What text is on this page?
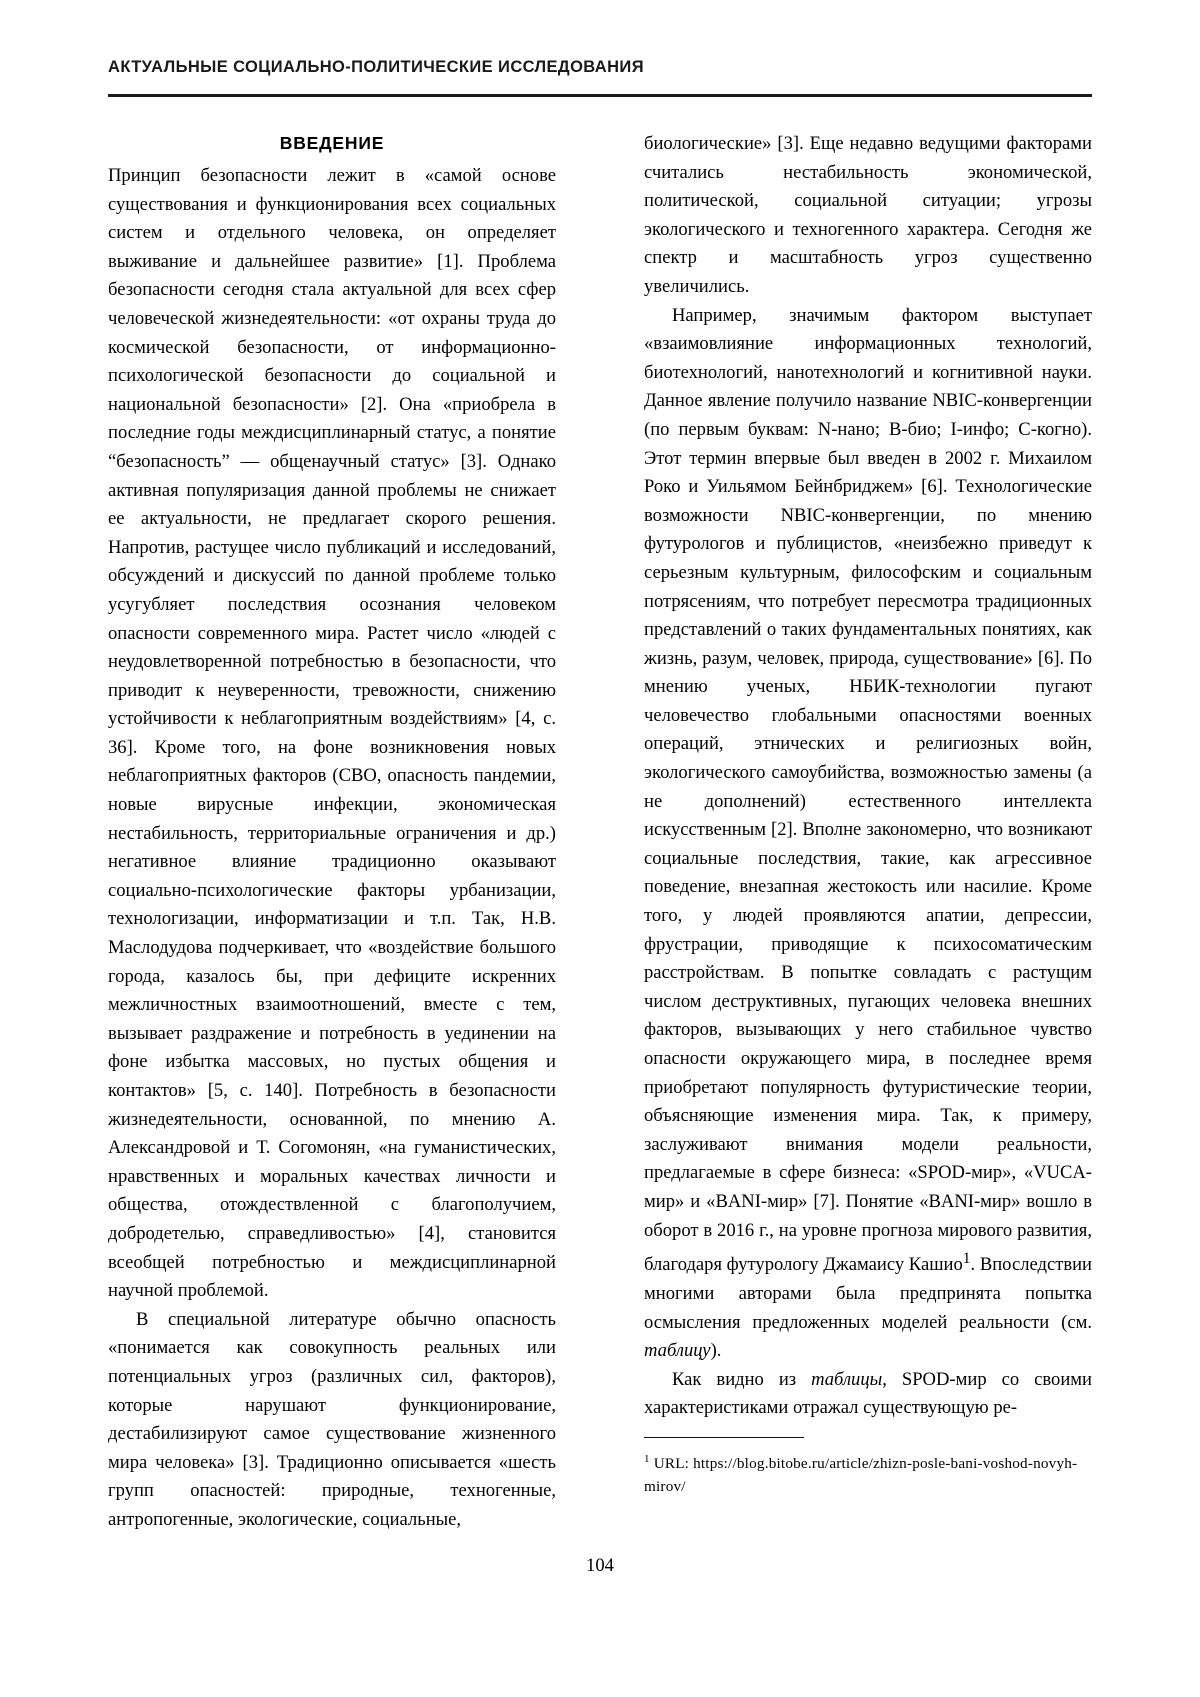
АКТУАЛЬНЫЕ СОЦИАЛЬНО-ПОЛИТИЧЕСКИЕ ИССЛЕДОВАНИЯ
ВВЕДЕНИЕ

Принцип безопасности лежит в «самой основе существования и функционирования всех социальных систем и отдельного человека, он определяет выживание и дальнейшее развитие» [1]. Проблема безопасности сегодня стала актуальной для всех сфер человеческой жизнедеятельности: «от охраны труда до космической безопасности, от информационно-психологической безопасности до социальной и национальной безопасности» [2]. Она «приобрела в последние годы междисциплинарный статус, а понятие “безопасность” — общенаучный статус» [3]. Однако активная популяризация данной проблемы не снижает ее актуальности, не предлагает скорого решения. Напротив, растущее число публикаций и исследований, обсуждений и дискуссий по данной проблеме только усугубляет последствия осознания человеком опасности современного мира. Растет число «людей с неудовлетворенной потребностью в безопасности, что приводит к неуверенности, тревожности, снижению устойчивости к неблагоприятным воздействиям» [4, с. 36]. Кроме того, на фоне возникновения новых неблагоприятных факторов (СВО, опасность пандемии, новые вирусные инфекции, экономическая нестабильность, территориальные ограничения и др.) негативное влияние традиционно оказывают социально-психологические факторы урбанизации, технологизации, информатизации и т.п. Так, Н.В. Маслодудова подчеркивает, что «воздействие большого города, казалось бы, при дефиците искренних межличностных взаимоотношений, вместе с тем, вызывает раздражение и потребность в уединении на фоне избытка массовых, но пустых общения и контактов» [5, с. 140]. Потребность в безопасности жизнедеятельности, основанной, по мнению А. Александровой и Т. Согомонян, «на гуманистических, нравственных и моральных качествах личности и общества, отождествленной с благополучием, добродетелью, справедливостью» [4], становится всеобщей потребностью и междисциплинарной научной проблемой.

В специальной литературе обычно опасность «понимается как совокупность реальных или потенциальных угроз (различных сил, факторов), которые нарушают функционирование, дестабилизируют самое существование жизненного мира человека» [3]. Традиционно описывается «шесть групп опасностей: природные, техногенные, антропогенные, экологические, социальные,

биологические» [3]. Еще недавно ведущими факторами считались нестабильность экономической, политической, социальной ситуации; угрозы экологического и техногенного характера. Сегодня же спектр и масштабность угроз существенно увеличились.

Например, значимым фактором выступает «взаимовлияние информационных технологий, биотехнологий, нанотехнологий и когнитивной науки. Данное явление получило название NBIC-конвергенции (по первым буквам: N-нано; B-био; I-инфо; C-когно). Этот термин впервые был введен в 2002 г. Михаилом Роко и Уильямом Бейнбриджем» [6]. Технологические возможности NBIC-конвергенции, по мнению футурологов и публицистов, «неизбежно приведут к серьезным культурным, философским и социальным потрясениям, что потребует пересмотра традиционных представлений о таких фундаментальных понятиях, как жизнь, разум, человек, природа, существование» [6]. По мнению ученых, НБИК-технологии пугают человечество глобальными опасностями военных операций, этнических и религиозных войн, экологического самоубийства, возможностью замены (а не дополнений) естественного интеллекта искусственным [2]. Вполне закономерно, что возникают социальные последствия, такие, как агрессивное поведение, внезапная жестокость или насилие. Кроме того, у людей проявляются апатии, депрессии, фрустрации, приводящие к психосоматическим расстройствам. В попытке совладать с растущим числом деструктивных, пугающих человека внешних факторов, вызывающих у него стабильное чувство опасности окружающего мира, в последнее время приобретают популярность футуристические теории, объясняющие изменения мира. Так, к примеру, заслуживают внимания модели реальности, предлагаемые в сфере бизнеса: «SPOD-мир», «VUCA-мир» и «BANI-мир» [7]. Понятие «BANI-мир» вошло в оборот в 2016 г., на уровне прогноза мирового развития, благодаря футурологу Джамаису Кашио$^1$. Впоследствии многими авторами была предпринята попытка осмысления предложенных моделей реальности (см. таблицу).

Как видно из таблицы, SPOD-мир со своими характеристиками отражал существующую ре-

$^1$ URL: https://blog.bitobe.ru/article/zhizn-posle-bani-voshod-novyh-mirov/

104
